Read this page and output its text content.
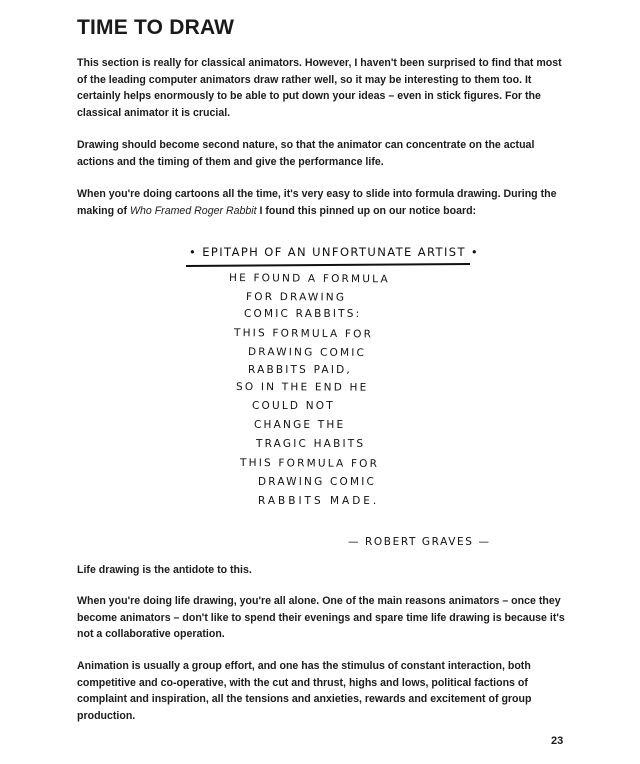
TIME TO DRAW

This section is really for classical animators. However, I haven't been surprised to find that most of the leading computer animators draw rather well, so it may be interesting to them too. It certainly helps enormously to be able to put down your ideas – even in stick figures. For the classical animator it is crucial.

Drawing should become second nature, so that the animator can concentrate on the actual actions and the timing of them and give the performance life.

When you're doing cartoons all the time, it's very easy to slide into formula drawing. During the making of Who Framed Roger Rabbit I found this pinned up on our notice board:

• EPITAPH OF AN UNFORTUNATE ARTIST •
HE FOUND A FORMULA
FOR DRAWING
COMIC RABBITS:
THIS FORMULA FOR
DRAWING COMIC
RABBITS PAID,
SO IN THE END HE
COULD NOT
CHANGE THE
TRAGIC HABITS
THIS FORMULA FOR
DRAWING COMIC
RABBITS MADE.
— ROBERT GRAVES —

Life drawing is the antidote to this.

When you're doing life drawing, you're all alone. One of the main reasons animators – once they become animators – don't like to spend their evenings and spare time life drawing is because it's not a collaborative operation.

Animation is usually a group effort, and one has the stimulus of constant interaction, both competitive and co-operative, with the cut and thrust, highs and lows, political factions of complaint and inspiration, all the tensions and anxieties, rewards and excitement of group production.

23
